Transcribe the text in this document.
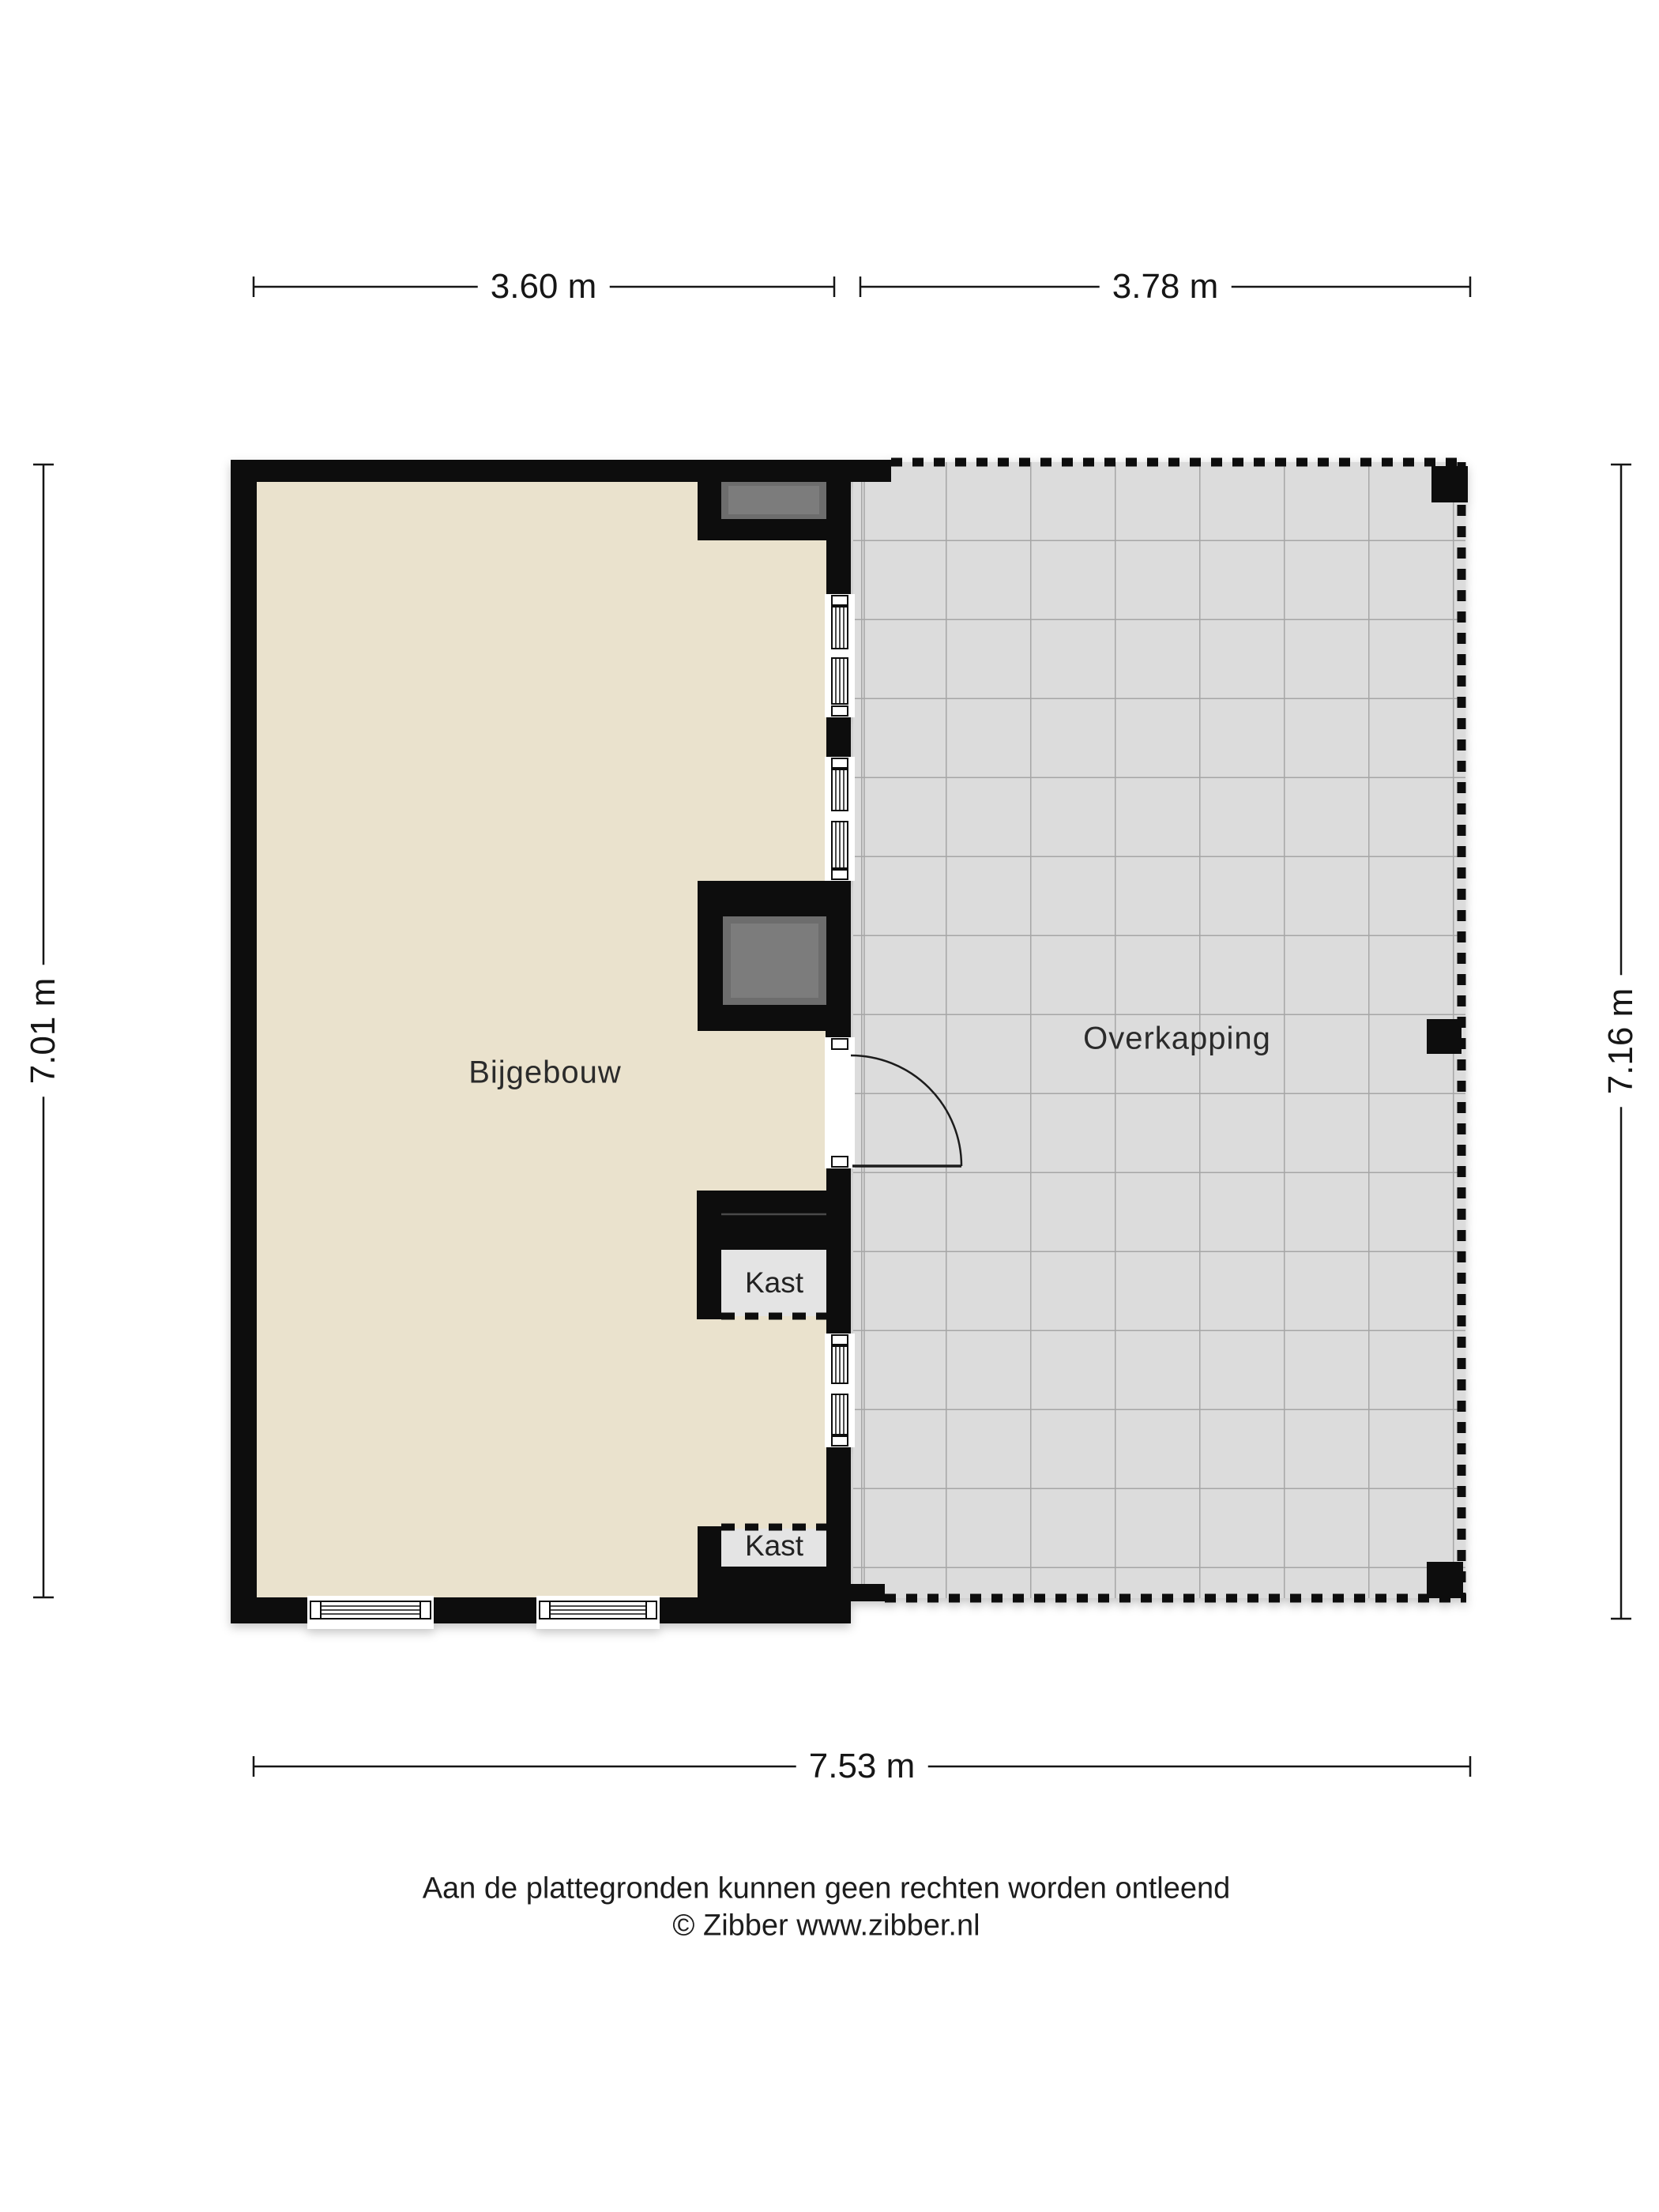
3.60 m	3.78 m
7.01 m	7.16 m
7.53 m
Bijgebouw
Overkapping
Kast
Kast
Aan de plattegronden kunnen geen rechten worden ontleend
© Zibber www.zibber.nl
